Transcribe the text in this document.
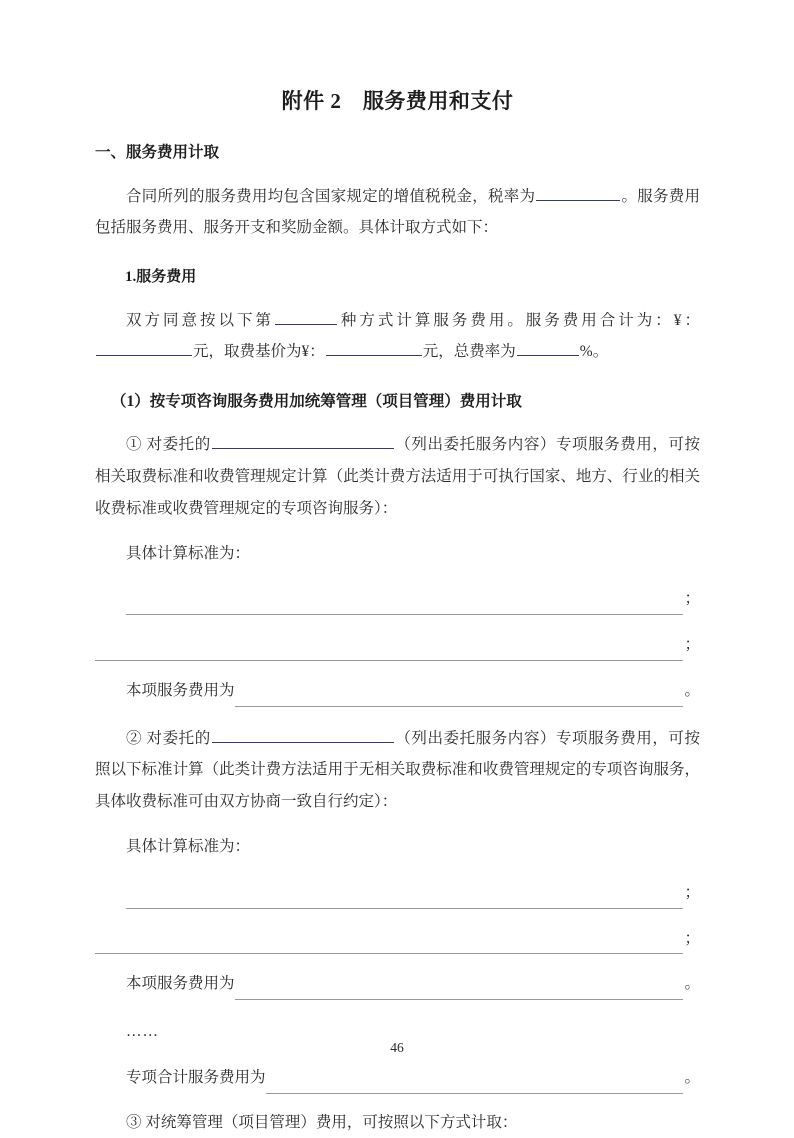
附件 2　服务费用和支付
一、服务费用计取

合同所列的服务费用均包含国家规定的增值税税金，税率为	。服务费用包括服务费用、服务开支和奖励金额。具体计取方式如下：

1.服务费用

双方同意按以下第	种方式计算服务费用。服务费用合计为：¥：元，取费基价为¥：	元，总费率为	%。

（1）按专项咨询服务费用加统筹管理（项目管理）费用计取

① 对委托的	（列出委托服务内容）专项服务费用，可按相关取费标准和收费管理规定计算（此类计费方法适用于可执行国家、地方、行业的相关收费标准或收费管理规定的专项咨询服务）：

具体计算标准为：

；
；
本项服务费用为	。

② 对委托的	（列出委托服务内容）专项服务费用，可按照以下标准计算（此类计费方法适用于无相关取费标准和收费管理规定的专项咨询服务，具体收费标准可由双方协商一致自行约定）：

具体计算标准为：

；
；
本项服务费用为	。

……

专项合计服务费用为	。

③ 对统筹管理（项目管理）费用，可按照以下方式计取：

46
